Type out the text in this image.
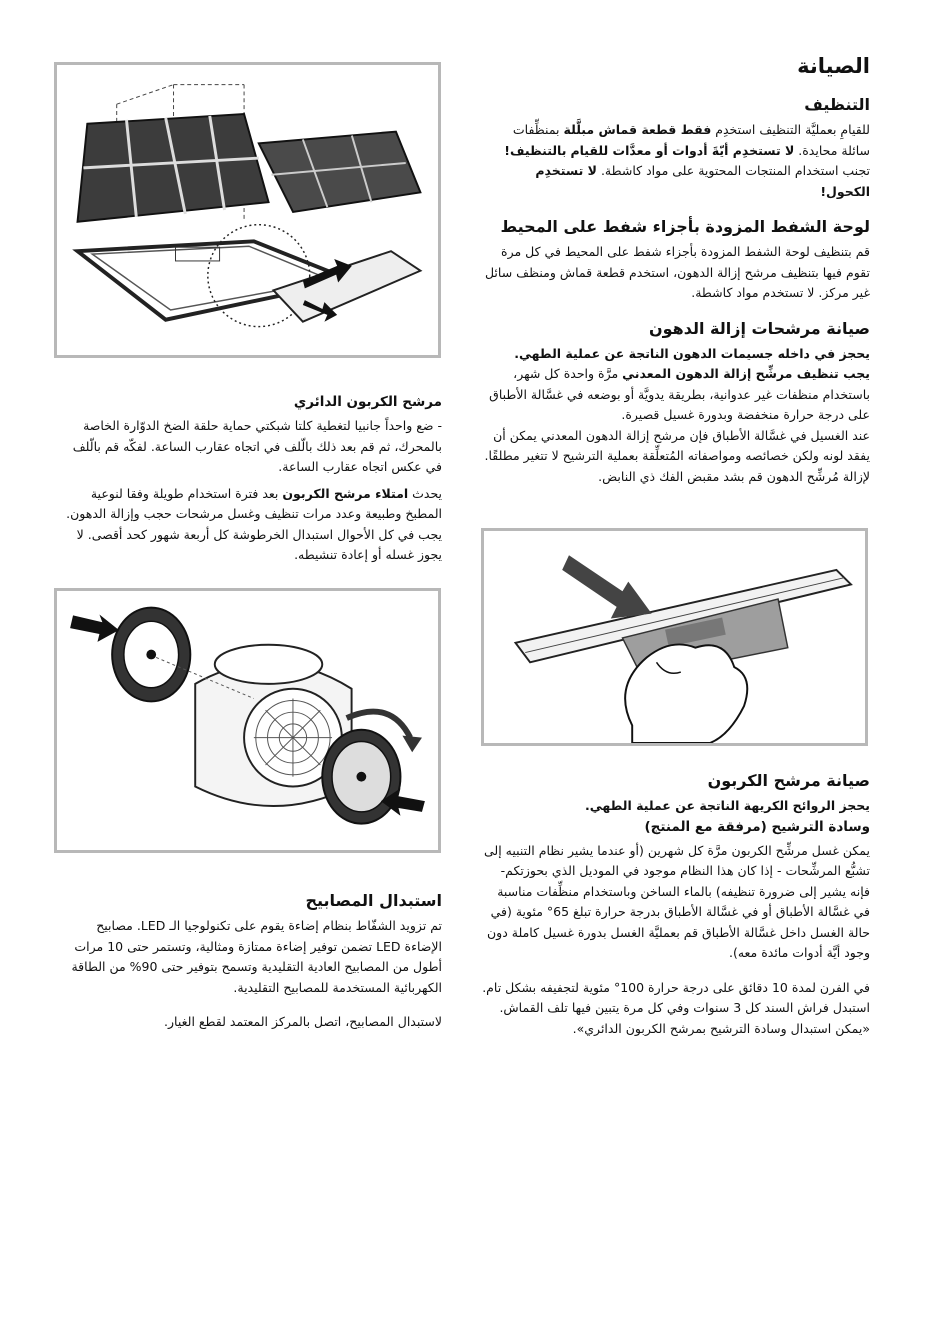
الصيانة
التنظيف

للقيامِ بعمليَّة التنظيف استخدِم فقط قطعة قماش مبلَّلة بمنظِّفات سائلة محايدة. لا تستخدِم أيّةَ أدوات أو معدَّات للقيام بالتنظيف! تجنب استخدام المنتجات المحتوية على مواد كاشطة. لا تستخدِم الكحول!

لوحة الشفط المزودة بأجزاء شفط على المحيط

قم بتنظيف لوحة الشفط المزودة بأجزاء شفط على المحيط في كل مرة تقوم فيها بتنظيف مرشح إزالة الدهون، استخدم قطعة قماش ومنظف سائل غير مركز. لا تستخدم مواد كاشطة.

صيانة مرشحات إزالة الدهون

يحجز في داخله جسيمات الدهون الناتجة عن عملية الطهي.

يجب تنظيف مرشِّح إزالة الدهون المعدني مرَّة واحدة كل شهر، باستخدام منظفات غير عدوانية، بطريقة يدويَّة أو بوضعه في غسَّالة الأطباق على درجة حرارة منخفضة وبدورة غسيل قصيرة.

عند الغسيل في غسَّالة الأطباق فإن مرشح إزالة الدهون المعدني يمكن أن يفقد لونه ولكن خصائصه ومواصفاته المُتعلِّقة بعملية الترشيح لا تتغير مطلقًا.

لإزالة مُرشِّح الدهون قم بشد مقبض الفك ذي النابض.

صيانة مرشح الكربون

يحجز الروائح الكريهة الناتجة عن عملية الطهي.

وسادة الترشيح (مرفقة مع المنتج)

يمكن غسل مرشِّح الكربون مرَّة كل شهرين (أو عندما يشير نظام التنبيه إلى تشبُّع المرشِّحات - إذا كان هذا النظام موجود في الموديل الذي بحوزتكم- فإنه يشير إلى ضرورة تنظيفه) بالماء الساخن وباستخدام منظِّفات مناسبة في غسَّالة الأطباق أو في غسَّالة الأطباق بدرجة حرارة تبلغ 65° مئوية (في حالة الغسل داخل غسَّالة الأطباق قم بعمليَّة الغسل بدورة غسيل كاملة دون وجود أيَّة أدوات مائدة معه).

في الفرن لمدة 10 دقائق على درجة حرارة 100° مئوية لتجفيفه بشكل تام.

استبدل فراش السند كل 3 سنوات وفي كل مرة يتبين فيها تلف القماش.

«يمكن استبدال وسادة الترشيح بمرشح الكربون الدائري».

مرشح الكربون الدائري

- ضع واحداً جانبيا لتغطية كلتا شبكتي حماية حلقة الضخ الدوّارة الخاصة بالمحرك، ثم قم بعد ذلك بالّلف في اتجاه عقارب الساعة. لفكّه قم بالّلف في عكس اتجاه عقارب الساعة.

يحدث امتلاء مرشح الكربون بعد فترة استخدام طويلة وفقا لنوعية المطبخ وطبيعة وعدد مرات تنظيف وغسل مرشحات حجب وإزالة الدهون. يجب في كل الأحوال استبدال الخرطوشة كل أربعة شهور كحد أقصى. لا يجوز غسله أو إعادة تنشيطه.

استبدال المصابيح

تم تزويد الشفّاط بنظام إضاءة يقوم على تكنولوجيا الـ LED. مصابيح الإضاءة LED تضمن توفير إضاءة ممتازة ومثالية، وتستمر حتى 10 مرات أطول من المصابيح العادية التقليدية وتسمح بتوفير حتى 90% من الطاقة الكهربائية المستخدمة للمصابيح التقليدية.

لاستبدال المصابيح، اتصل بالمركز المعتمد لقطع الغيار.
